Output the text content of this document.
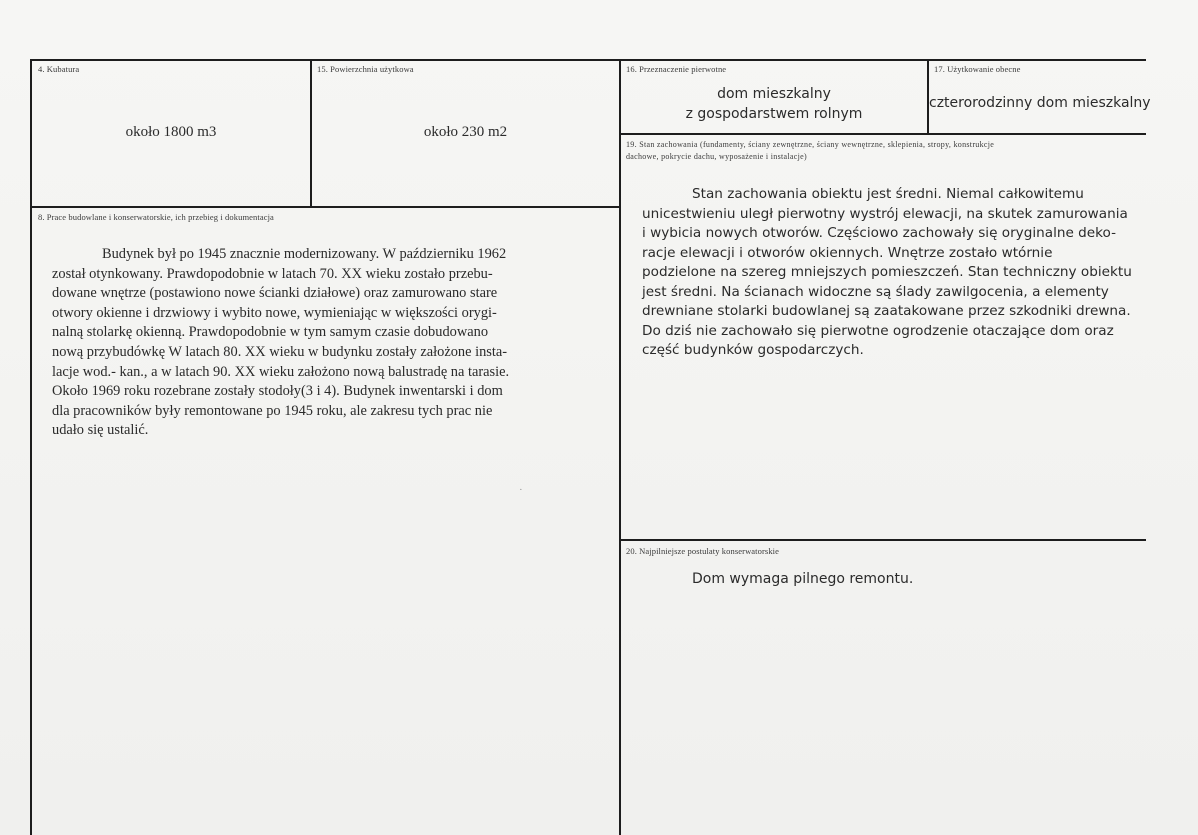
4. Kubatura
około 1800 m3
15. Powierzchnia użytkowa
około 230 m2
16. Przeznaczenie pierwotne
dom mieszkalny
z gospodarstwem rolnym
17. Użytkowanie obecne
czterorodzinny dom mieszkalny
19. Stan zachowania (fundamenty, ściany zewnętrzne, ściany wewnętrzne, sklepienia, stropy, konstrukcje
dachowe, pokrycie dachu, wyposażenie i instalacje)
Stan zachowania obiektu jest średni. Niemal całkowitemu
unicestwieniu uległ pierwotny wystrój elewacji, na skutek zamurowania
i wybicia nowych otworów. Częściowo zachowały się oryginalne deko-
racje elewacji i otworów okiennych. Wnętrze zostało wtórnie
podzielone na szereg mniejszych pomieszczeń. Stan techniczny obiektu
jest średni. Na ścianach widoczne są ślady zawilgocenia, a elementy
drewniane stolarki budowlanej są zaatakowane przez szkodniki drewna.
Do dziś nie zachowało się pierwotne ogrodzenie otaczające dom oraz
część budynków gospodarczych.
8. Prace budowlane i konserwatorskie, ich przebieg i dokumentacja
Budynek był po 1945 znacznie modernizowany. W październiku 1962
został otynkowany. Prawdopodobnie w latach 70. XX wieku zostało przebu-
dowane wnętrze (postawiono nowe ścianki działowe) oraz zamurowano stare
otwory okienne i drzwiowy i wybito nowe, wymieniając w większości orygi-
nalną stolarkę okienną. Prawdopodobnie w tym samym czasie dobudowano
nową przybudówkę W latach 80. XX wieku w budynku zostały założone insta-
lacje wod.- kan., a w latach 90. XX wieku założono nową balustradę na tarasie.
Około 1969 roku rozebrane zostały stodoły(3 i 4). Budynek inwentarski i dom
dla pracowników były remontowane po 1945 roku, ale zakresu tych prac nie
udało się ustalić.
20. Najpilniejsze postulaty konserwatorskie
Dom wymaga pilnego remontu.
·
